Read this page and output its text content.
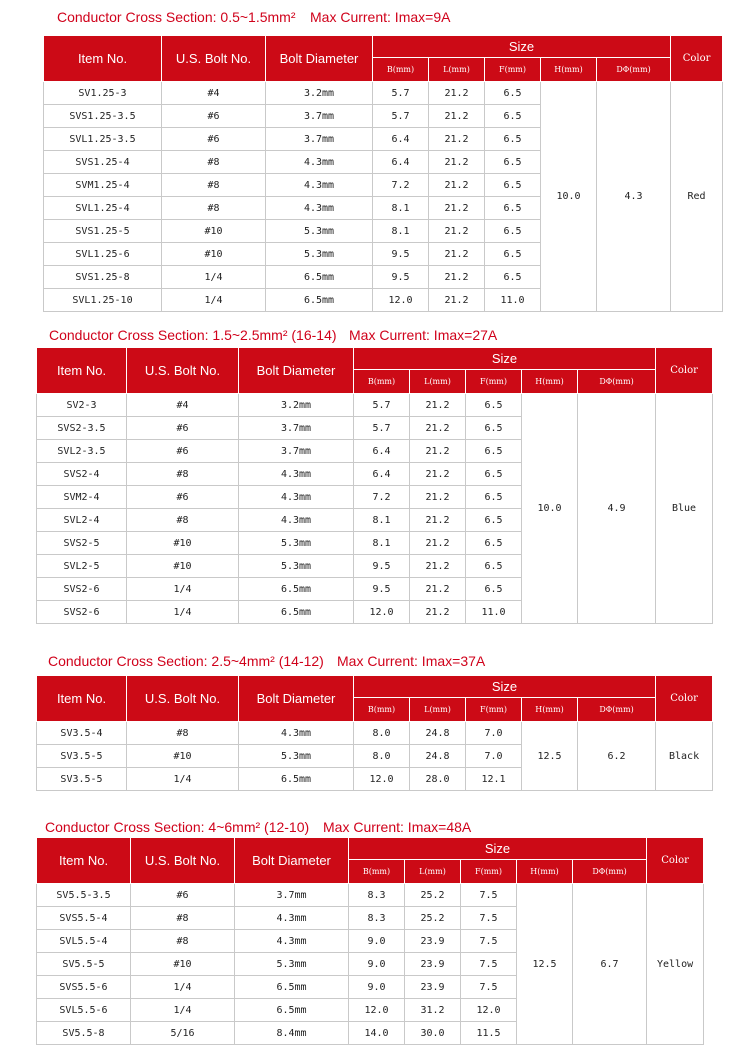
Conductor Cross Section: 0.5~1.5mm² Max Current: Imax=9A
Item No.	U.S. Bolt No.	Bolt Diameter	Size					Color
			B(mm)	L(mm)	F(mm)	H(mm)	DΦ(mm)	
SV1.25-3	#4	3.2mm	5.7	21.2	6.5	10.0	4.3	Red
SVS1.25-3.5	#6	3.7mm	5.7	21.2	6.5			
SVL1.25-3.5	#6	3.7mm	6.4	21.2	6.5			
SVS1.25-4	#8	4.3mm	6.4	21.2	6.5			
SVM1.25-4	#8	4.3mm	7.2	21.2	6.5			
SVL1.25-4	#8	4.3mm	8.1	21.2	6.5			
SVS1.25-5	#10	5.3mm	8.1	21.2	6.5			
SVL1.25-6	#10	5.3mm	9.5	21.2	6.5			
SVS1.25-8	1/4	6.5mm	9.5	21.2	6.5			
SVL1.25-10	1/4	6.5mm	12.0	21.2	11.0			
Conductor Cross Section: 1.5~2.5mm² (16-14) Max Current: Imax=27A
Item No.	U.S. Bolt No.	Bolt Diameter	Size					Color
			B(mm)	L(mm)	F(mm)	H(mm)	DΦ(mm)	
SV2-3	#4	3.2mm	5.7	21.2	6.5	10.0	4.9	Blue
SVS2-3.5	#6	3.7mm	5.7	21.2	6.5			
SVL2-3.5	#6	3.7mm	6.4	21.2	6.5			
SVS2-4	#8	4.3mm	6.4	21.2	6.5			
SVM2-4	#6	4.3mm	7.2	21.2	6.5			
SVL2-4	#8	4.3mm	8.1	21.2	6.5			
SVS2-5	#10	5.3mm	8.1	21.2	6.5			
SVL2-5	#10	5.3mm	9.5	21.2	6.5			
SVS2-6	1/4	6.5mm	9.5	21.2	6.5			
SVS2-6	1/4	6.5mm	12.0	21.2	11.0			
Conductor Cross Section: 2.5~4mm² (14-12) Max Current: Imax=37A
Item No.	U.S. Bolt No.	Bolt Diameter	Size					Color
			B(mm)	L(mm)	F(mm)	H(mm)	DΦ(mm)	
SV3.5-4	#8	4.3mm	8.0	24.8	7.0	12.5	6.2	Black
SV3.5-5	#10	5.3mm	8.0	24.8	7.0			
SV3.5-5	1/4	6.5mm	12.0	28.0	12.1			
Conductor Cross Section: 4~6mm² (12-10) Max Current: Imax=48A
Item No.	U.S. Bolt No.	Bolt Diameter	Size					Color
			B(mm)	L(mm)	F(mm)	H(mm)	DΦ(mm)	
SV5.5-3.5	#6	3.7mm	8.3	25.2	7.5	12.5	6.7	Yellow
SVS5.5-4	#8	4.3mm	8.3	25.2	7.5			
SVL5.5-4	#8	4.3mm	9.0	23.9	7.5			
SV5.5-5	#10	5.3mm	9.0	23.9	7.5			
SVS5.5-6	1/4	6.5mm	9.0	23.9	7.5			
SVL5.5-6	1/4	6.5mm	12.0	31.2	12.0			
SV5.5-8	5/16	8.4mm	14.0	30.0	11.5			
